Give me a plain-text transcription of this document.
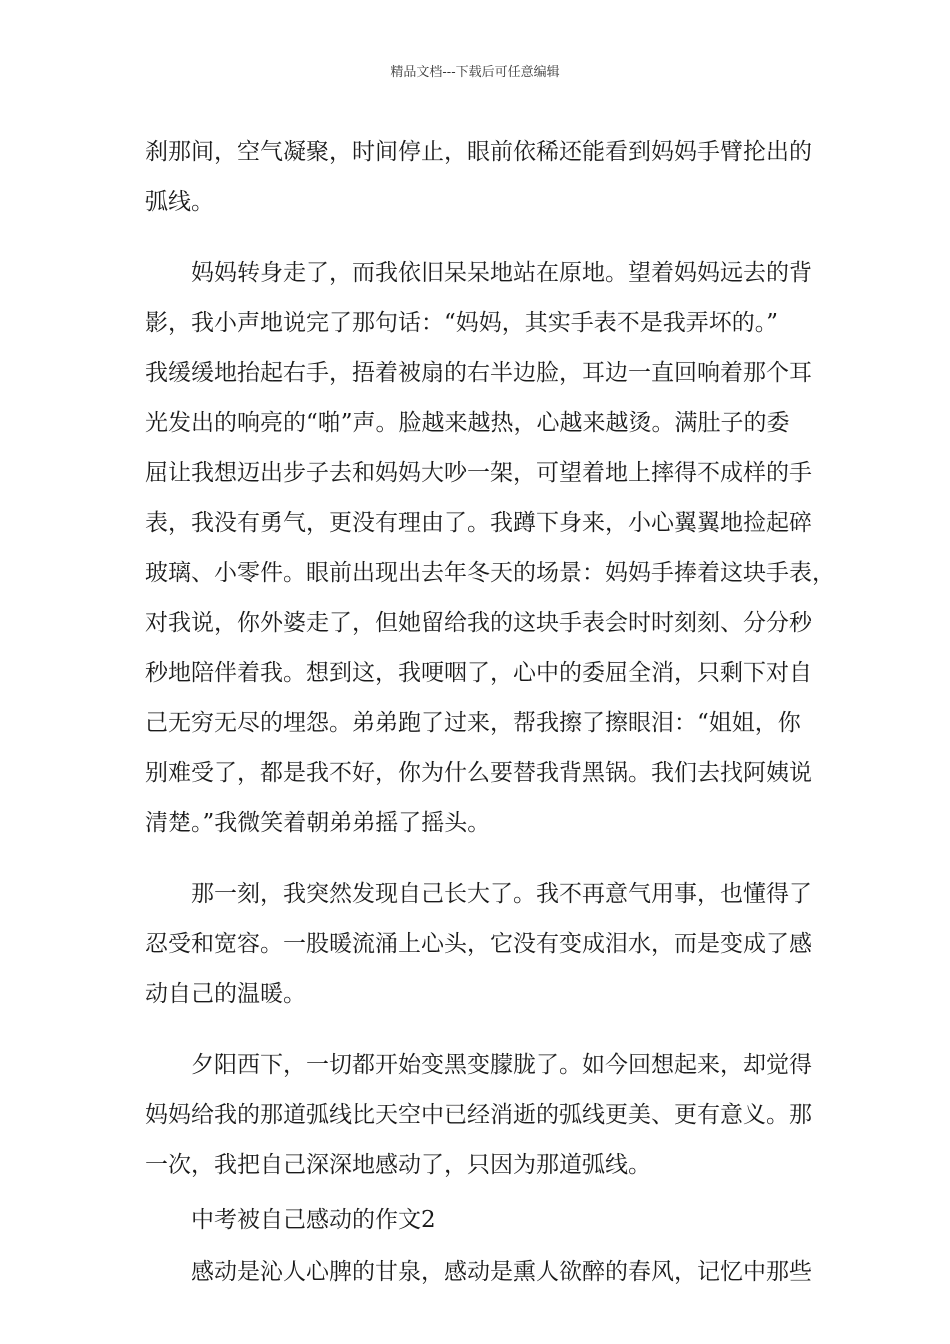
精品文档---下载后可任意编辑
刹那间，空气凝聚，时间停止，眼前依稀还能看到妈妈手臂抡出的
弧线。
妈妈转身走了，而我依旧呆呆地站在原地。望着妈妈远去的背
影，我小声地说完了那句话：“妈妈，其实手表不是我弄坏的。”
我缓缓地抬起右手，捂着被扇的右半边脸，耳边一直回响着那个耳
光发出的响亮的“啪”声。脸越来越热，心越来越烫。满肚子的委
屈让我想迈出步子去和妈妈大吵一架，可望着地上摔得不成样的手
表，我没有勇气，更没有理由了。我蹲下身来，小心翼翼地捡起碎
玻璃、小零件。眼前出现出去年冬天的场景：妈妈手捧着这块手表，
对我说，你外婆走了，但她留给我的这块手表会时时刻刻、分分秒
秒地陪伴着我。想到这，我哽咽了，心中的委屈全消，只剩下对自
己无穷无尽的埋怨。弟弟跑了过来，帮我擦了擦眼泪：“姐姐，你
别难受了，都是我不好，你为什么要替我背黑锅。我们去找阿姨说
清楚。”我微笑着朝弟弟摇了摇头。
那一刻，我突然发现自己长大了。我不再意气用事，也懂得了
忍受和宽容。一股暖流涌上心头，它没有变成泪水，而是变成了感
动自己的温暖。
夕阳西下，一切都开始变黑变朦胧了。如今回想起来，却觉得
妈妈给我的那道弧线比天空中已经消逝的弧线更美、更有意义。那
一次，我把自己深深地感动了，只因为那道弧线。
中考被自己感动的作文2
感动是沁人心脾的甘泉，感动是熏人欲醉的春风，记忆中那些
